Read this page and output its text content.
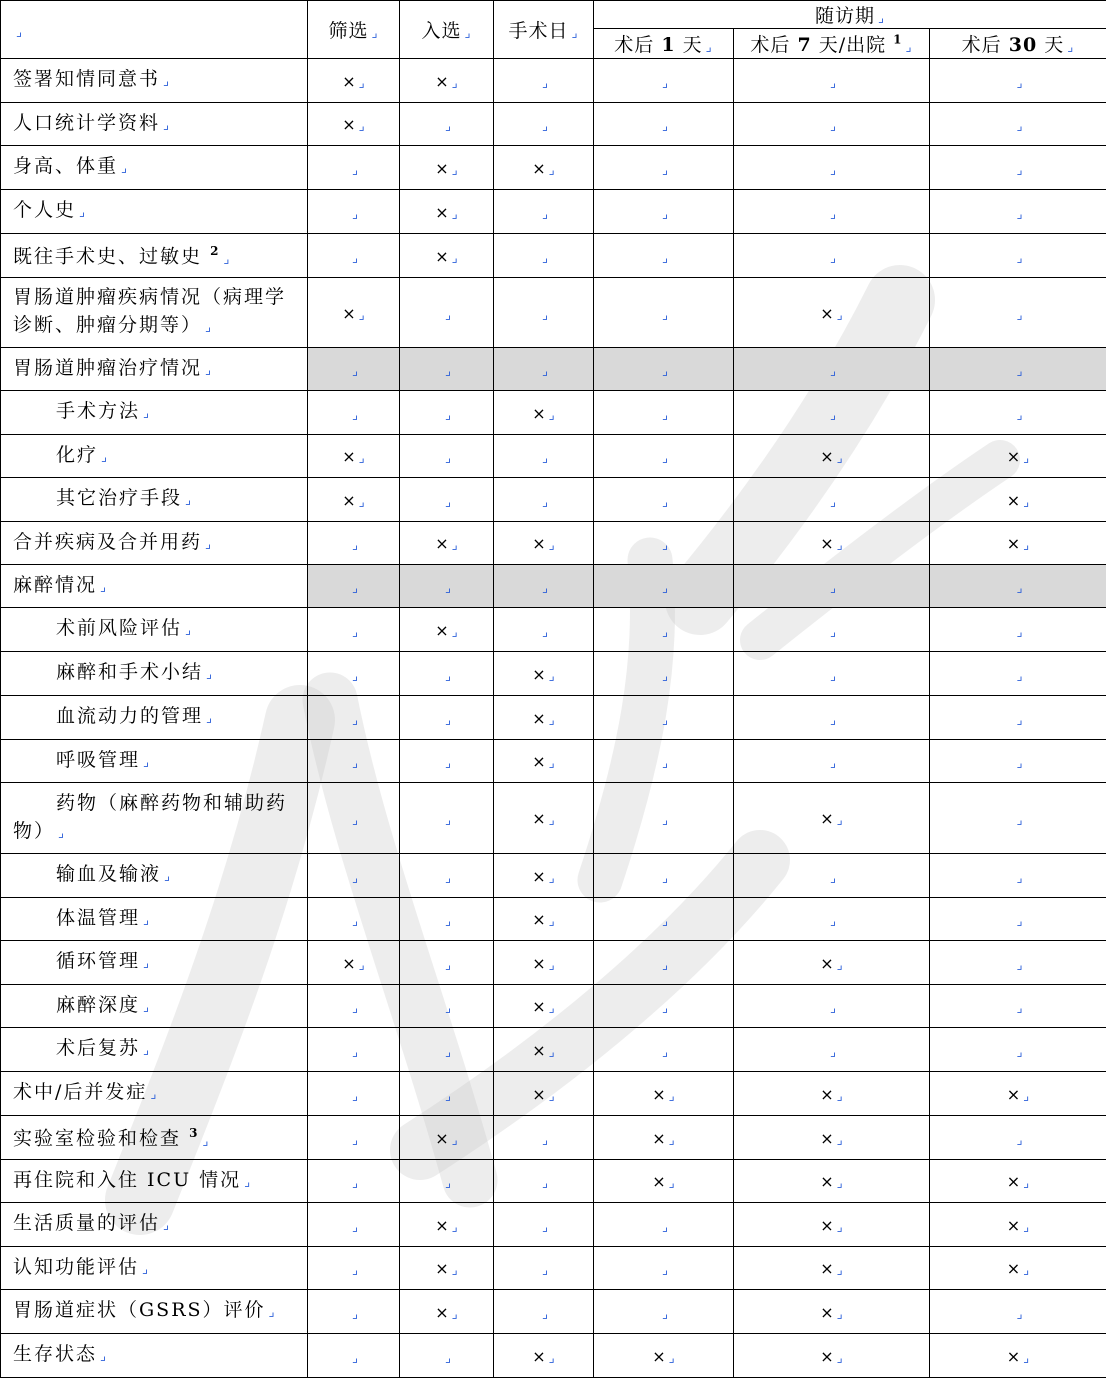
⌟	筛选 ⌟	入选 ⌟	手术日 ⌟	随访期 ⌟		
				术后 1 天 ⌟	术后 7 天/出院 $^1$⌟	术后 30 天 ⌟
签署知情同意书 ⌟	× ⌟	× ⌟	⌟	⌟	⌟	⌟
人口统计学资料 ⌟	× ⌟	⌟	⌟	⌟	⌟	⌟
身高、体重 ⌟	⌟	× ⌟	× ⌟	⌟	⌟	⌟
个人史 ⌟	⌟	× ⌟	⌟	⌟	⌟	⌟
既往手术史、过敏史 $^2$⌟	⌟	× ⌟	⌟	⌟	⌟	⌟
胃肠道肿瘤疾病情况（病理学诊断、肿瘤分期等） ⌟	× ⌟	⌟	⌟	⌟	× ⌟	⌟
胃肠道肿瘤治疗情况 ⌟	⌟	⌟	⌟	⌟	⌟	⌟
手术方法 ⌟	⌟	⌟	× ⌟	⌟	⌟	⌟
化疗 ⌟	× ⌟	⌟	⌟	⌟	× ⌟	× ⌟
其它治疗手段 ⌟	× ⌟	⌟	⌟	⌟	⌟	× ⌟
合并疾病及合并用药 ⌟	⌟	× ⌟	× ⌟	⌟	× ⌟	× ⌟
麻醉情况 ⌟	⌟	⌟	⌟	⌟	⌟	⌟
术前风险评估 ⌟	⌟	× ⌟	⌟	⌟	⌟	⌟
麻醉和手术小结 ⌟	⌟	⌟	× ⌟	⌟	⌟	⌟
血流动力的管理 ⌟	⌟	⌟	× ⌟	⌟	⌟	⌟
呼吸管理 ⌟	⌟	⌟	× ⌟	⌟	⌟	⌟
药物（麻醉药物和辅助药物） ⌟	⌟	⌟	× ⌟	⌟	× ⌟	⌟
输血及输液 ⌟	⌟	⌟	× ⌟	⌟	⌟	⌟
体温管理 ⌟	⌟	⌟	× ⌟	⌟	⌟	⌟
循环管理 ⌟	× ⌟	⌟	× ⌟	⌟	× ⌟	⌟
麻醉深度 ⌟	⌟	⌟	× ⌟	⌟	⌟	⌟
术后复苏 ⌟	⌟	⌟	× ⌟	⌟	⌟	⌟
术中/后并发症 ⌟	⌟	⌟	× ⌟	× ⌟	× ⌟	× ⌟
实验室检验和检查 $^3$⌟	⌟	× ⌟	⌟	× ⌟	× ⌟	⌟
再住院和入住 ICU 情况 ⌟	⌟	⌟	⌟	× ⌟	× ⌟	× ⌟
生活质量的评估 ⌟	⌟	× ⌟	⌟	⌟	× ⌟	× ⌟
认知功能评估 ⌟	⌟	× ⌟	⌟	⌟	× ⌟	× ⌟
胃肠道症状（GSRS）评价 ⌟	⌟	× ⌟	⌟	⌟	× ⌟	⌟
生存状态 ⌟	⌟	⌟	× ⌟	× ⌟	× ⌟	× ⌟
